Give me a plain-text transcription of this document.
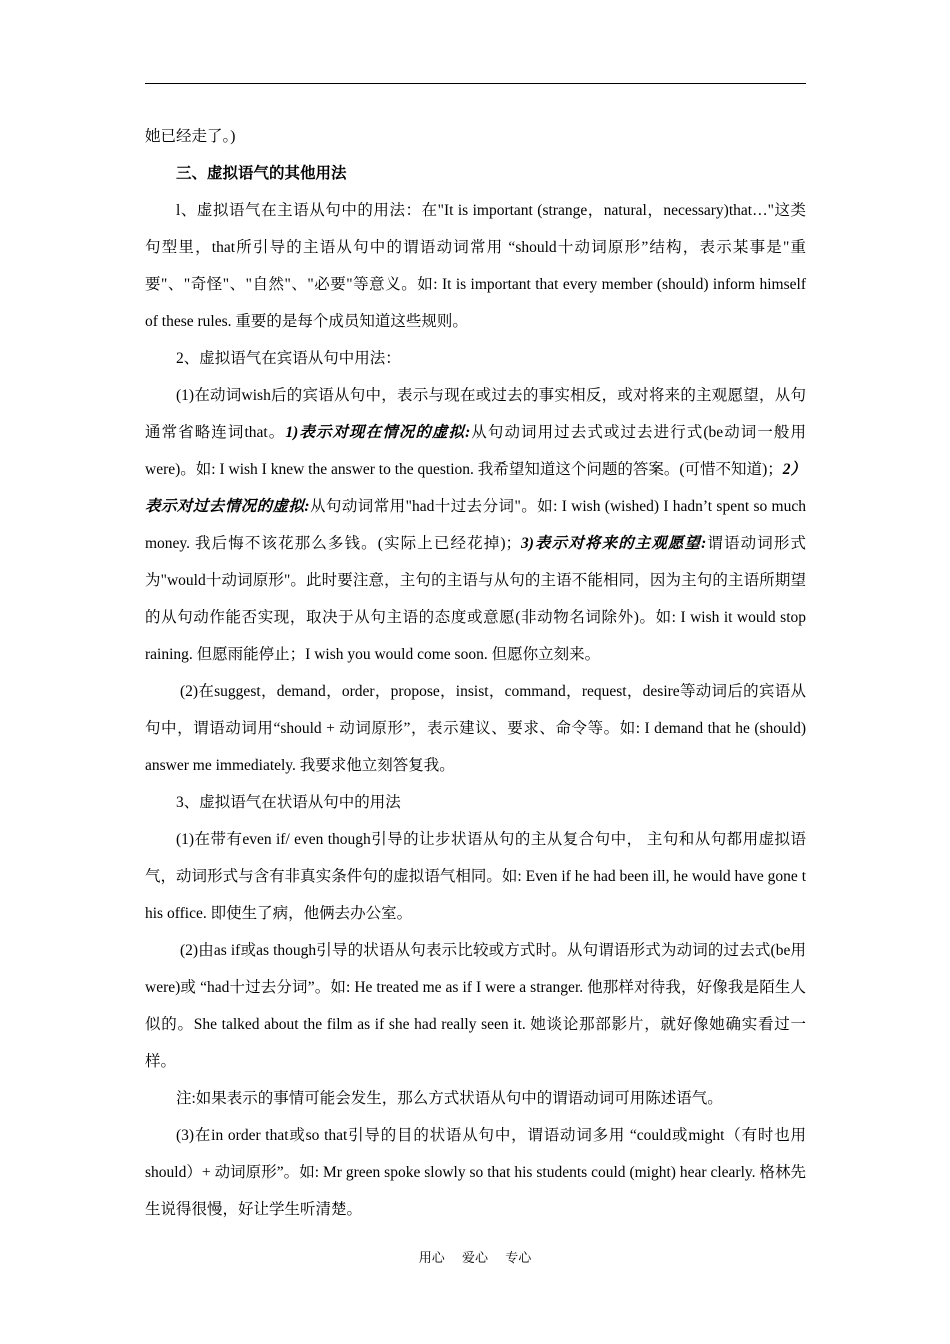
她已经走了。)

三、虚拟语气的其他用法

l、虚拟语气在主语从句中的用法：在"It is important (strange，natural，necessary)that…"这类句型里，that所引导的主语从句中的谓语动词常用 “should十动词原形”结构，表示某事是"重要"、"奇怪"、"自然"、"必要"等意义。如: It is important that every member (should) inform himself of these rules. 重要的是每个成员知道这些规则。

2、虚拟语气在宾语从句中用法：

(1)在动词wish后的宾语从句中，表示与现在或过去的事实相反，或对将来的主观愿望，从句通常省略连词that。1)表示对现在情况的虚拟:从句动词用过去式或过去进行式(be动词一般用were)。如: I wish I knew the answer to the question. 我希望知道这个问题的答案。(可惜不知道)；2）表示对过去情况的虚拟:从句动词常用"had十过去分词"。如: I wish (wished) I hadn’t spent so much money. 我后悔不该花那么多钱。(实际上已经花掉)；3)表示对将来的主观愿望:谓语动词形式为"would十动词原形"。此时要注意，主句的主语与从句的主语不能相同，因为主句的主语所期望的从句动作能否实现，取决于从句主语的态度或意愿(非动物名词除外)。如: I wish it would stop raining. 但愿雨能停止；I wish you would come soon. 但愿你立刻来。

(2)在suggest，demand，order，propose，insist，command，request，desire等动词后的宾语从句中，谓语动词用“should + 动词原形”，表示建议、要求、命令等。如: I demand that he (should) answer me immediately. 我要求他立刻答复我。

3、虚拟语气在状语从句中的用法

(1)在带有even if/ even though引导的让步状语从句的主从复合句中， 主句和从句都用虚拟语气，动词形式与含有非真实条件句的虚拟语气相同。如: Even if he had been ill, he would have gone t his office. 即使生了病，他俩去办公室。

(2)由as if或as though引导的状语从句表示比较或方式时。从句谓语形式为动词的过去式(be用were)或 “had十过去分词”。如: He treated me as if I were a stranger. 他那样对待我，好像我是陌生人似的。She talked about the film as if she had really seen it. 她谈论那部影片，就好像她确实看过一样。

注:如果表示的事情可能会发生，那么方式状语从句中的谓语动词可用陈述语气。

(3)在in order that或so that引导的目的状语从句中，谓语动词多用 “could或might（有时也用should）+ 动词原形”。如: Mr green spoke slowly so that his students could (might) hear clearly. 格林先生说得很慢，好让学生听清楚。

用心 爱心 专心
